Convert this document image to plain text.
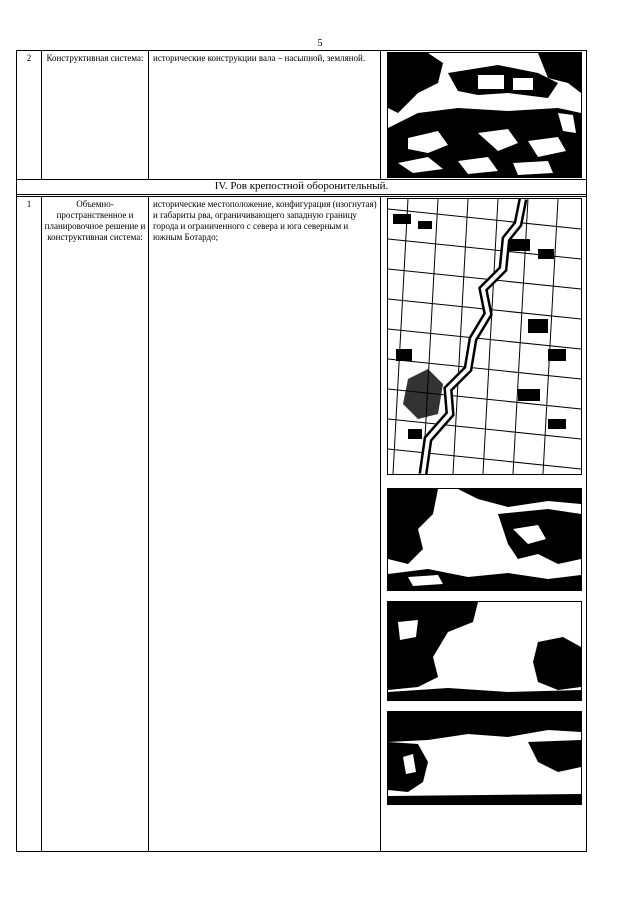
5
2	Конструктивная система: исторические конструкции вала – насыпной, земляной.
IV. Ров крепостной оборонительный.
1	Объемно-пространственное и планировочное решение и конструктивная система:
исторические местоположение, конфигурация (изогнутая) и габариты рва, ограничивающего западную границу города и ограниченного с севера и юга северным и южным Ботардо;
